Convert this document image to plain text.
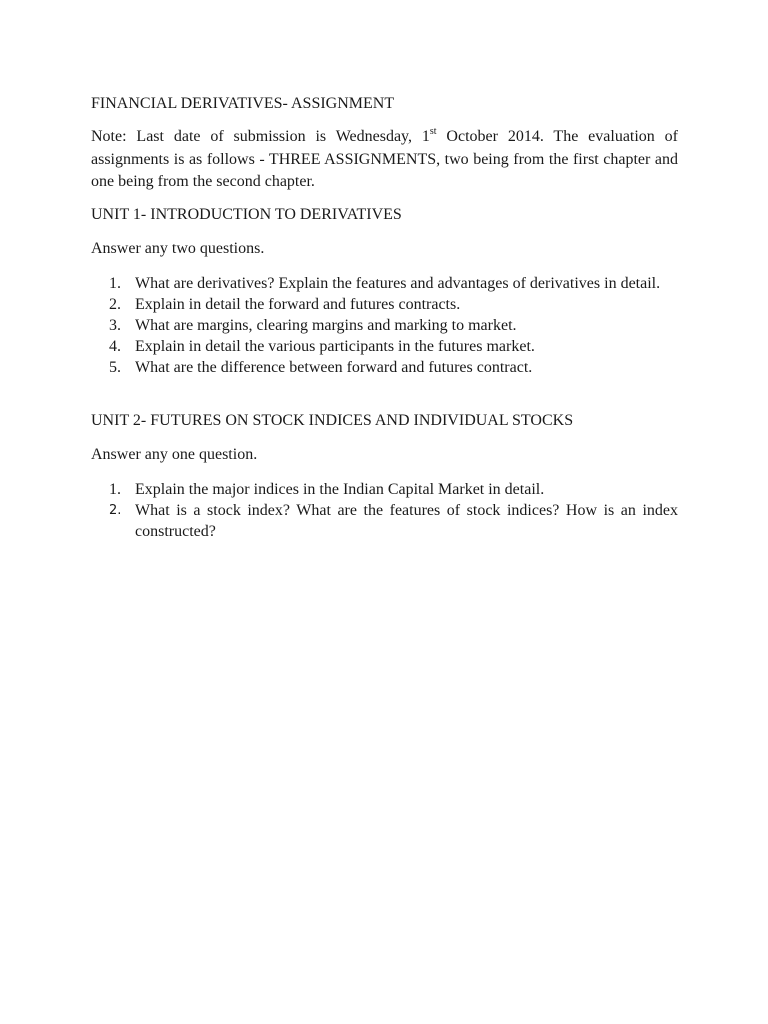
FINANCIAL DERIVATIVES- ASSIGNMENT

Note: Last date of submission is Wednesday, 1st October 2014. The evaluation of assignments is as follows - THREE ASSIGNMENTS, two being from the first chapter and one being from the second chapter.

UNIT 1- INTRODUCTION TO DERIVATIVES

Answer any two questions.

1. What are derivatives? Explain the features and advantages of derivatives in detail.
2. Explain in detail the forward and futures contracts.
3. What are margins, clearing margins and marking to market.
4. Explain in detail the various participants in the futures market.
5. What are the difference between forward and futures contract.

UNIT 2- FUTURES ON STOCK INDICES AND INDIVIDUAL STOCKS

Answer any one question.

1. Explain the major indices in the Indian Capital Market in detail.
2. What is a stock index? What are the features of stock indices? How is an index constructed?
